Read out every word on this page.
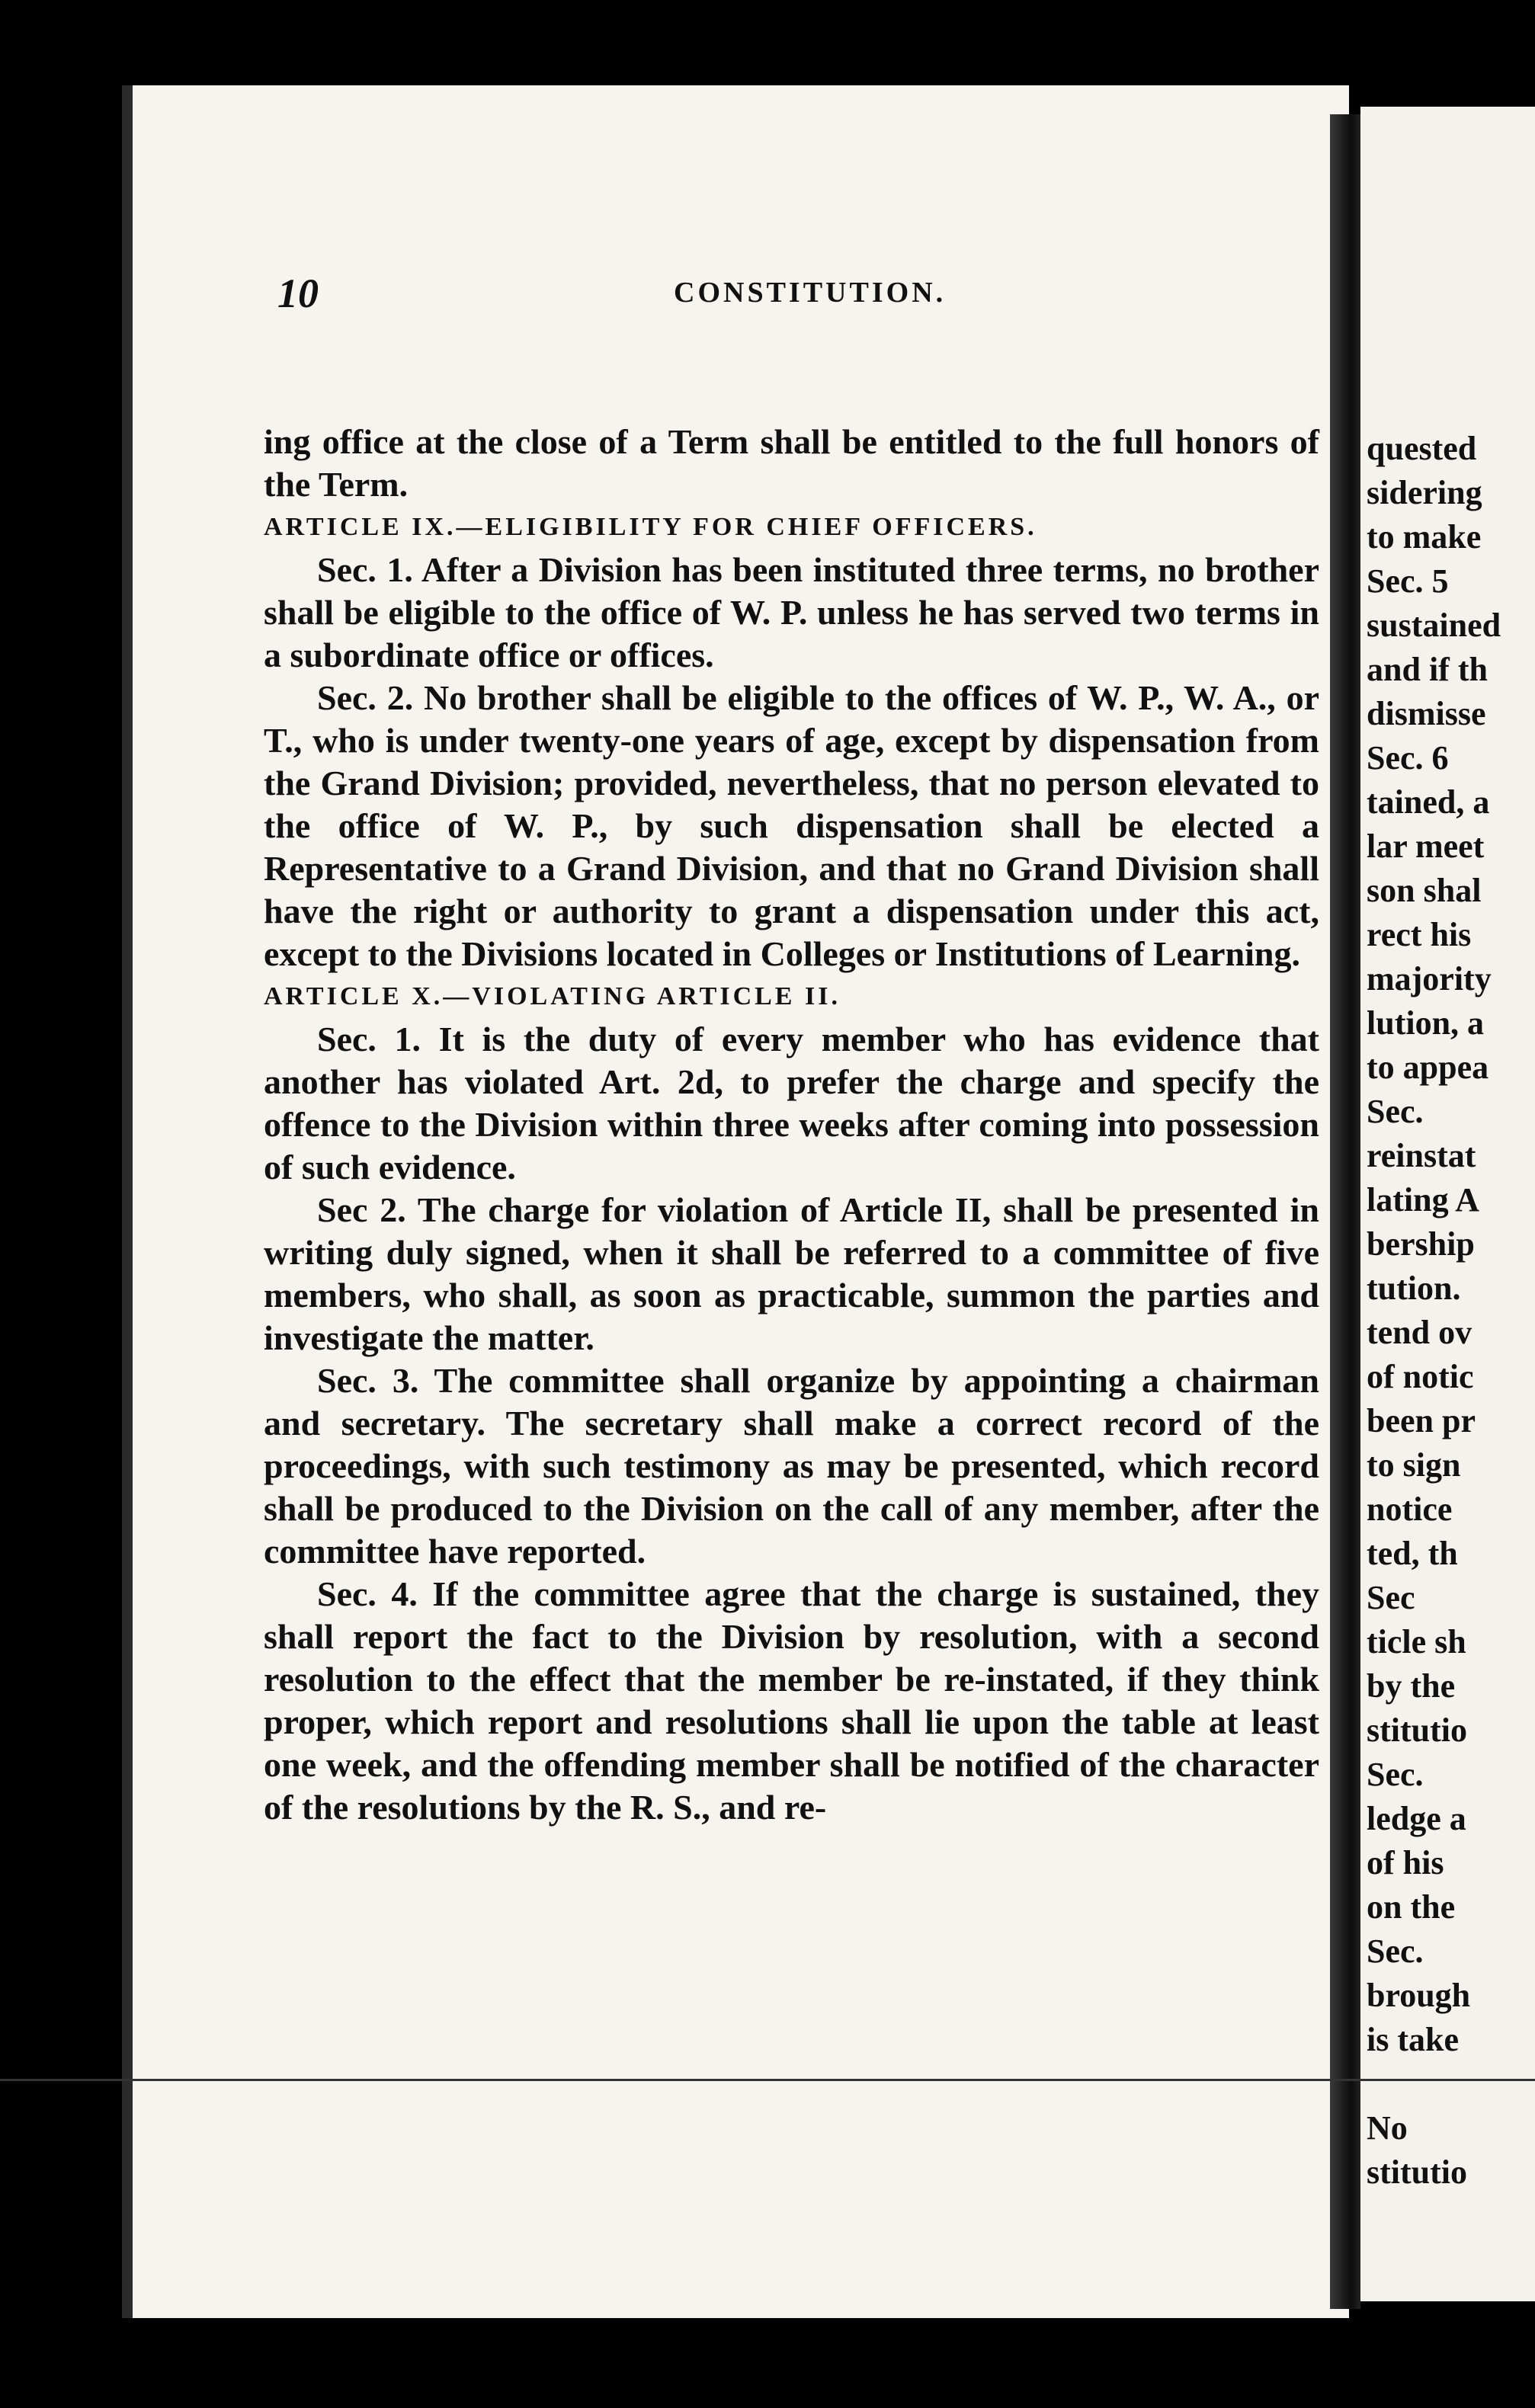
10	CONSTITUTION.

ing office at the close of a Term shall be entitled to the full honors of the Term.

ARTICLE IX.—ELIGIBILITY FOR CHIEF OFFICERS.

Sec. 1. After a Division has been instituted three terms, no brother shall be eligible to the office of W. P. unless he has served two terms in a subordinate office or offices.

Sec. 2. No brother shall be eligible to the offices of W. P., W. A., or T., who is under twenty-one years of age, except by dispensation from the Grand Division; provided, nevertheless, that no person elevated to the office of W. P., by such dispensation shall be elected a Representative to a Grand Division, and that no Grand Division shall have the right or authority to grant a dispensation under this act, except to the Divisions located in Colleges or Institutions of Learning.

ARTICLE X.—VIOLATING ARTICLE II.

Sec. 1. It is the duty of every member who has evidence that another has violated Art. 2d, to prefer the charge and specify the offence to the Division within three weeks after coming into possession of such evidence.

Sec 2. The charge for violation of Article II, shall be presented in writing duly signed, when it shall be referred to a committee of five members, who shall, as soon as practicable, summon the parties and investigate the matter.

Sec. 3. The committee shall organize by appointing a chairman and secretary. The secretary shall make a correct record of the proceedings, with such testimony as may be presented, which record shall be produced to the Division on the call of any member, after the committee have reported.

Sec. 4. If the committee agree that the charge is sustained, they shall report the fact to the Division by resolution, with a second resolution to the effect that the member be re-instated, if they think proper, which report and resolutions shall lie upon the table at least one week, and the offending member shall be notified of the character of the resolutions by the R. S., and re-

quested
sidering
to make
Sec. 5
sustained
and if th
dismisse
Sec. 6
tained, a
lar meet
son shal
rect his
majority
lution, a
to appea
Sec.
reinstat
lating A
bership
tution.
tend ov
of notic
been pr
to sign
notice
ted, th
Sec
ticle sh
by the
stitutio
Sec.
ledge a
of his
on the
Sec.
brough
is take
No
stitutio
